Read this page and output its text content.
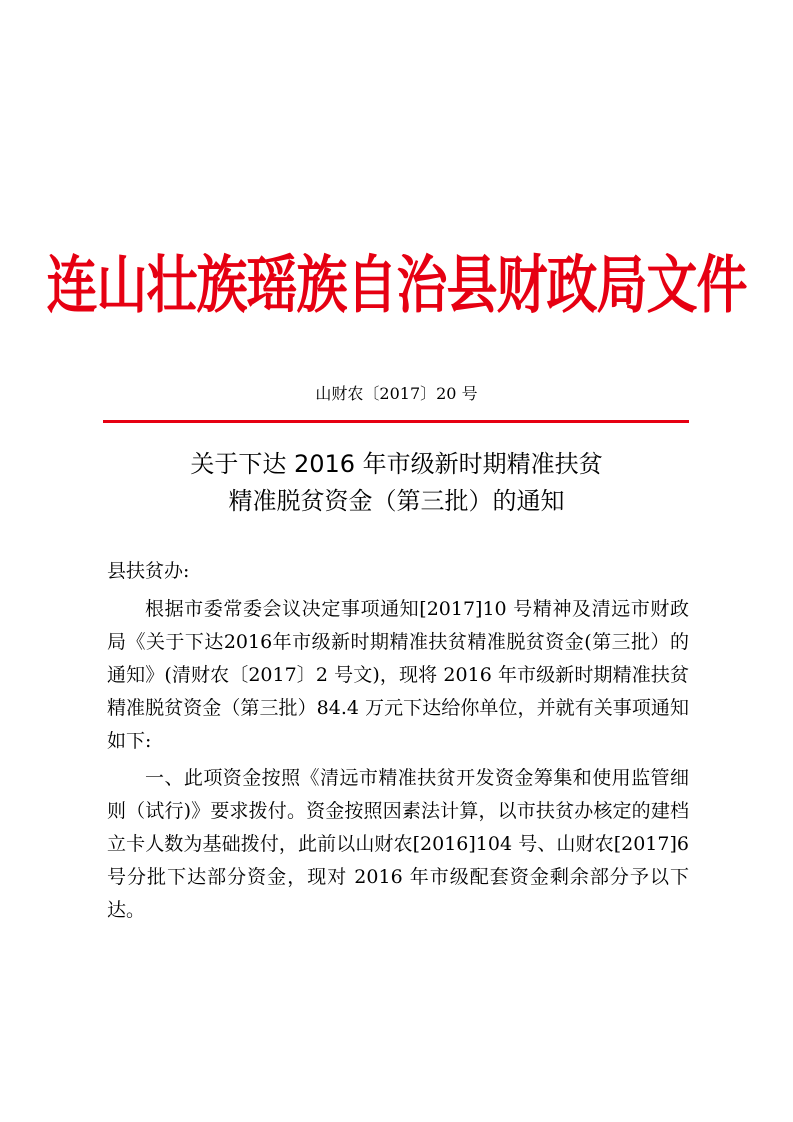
连山壮族瑶族自治县财政局文件
山财农〔2017〕20 号
关于下达 2016 年市级新时期精准扶贫
精准脱贫资金（第三批）的通知

县扶贫办:

根据市委常委会议决定事项通知[2017]10 号精神及清远市财政局《关于下达2016年市级新时期精准扶贫精准脱贫资金(第三批）的通知》(清财农〔2017〕2 号文)，现将 2016 年市级新时期精准扶贫精准脱贫资金（第三批）84.4 万元下达给你单位，并就有关事项通知如下:

一、此项资金按照《清远市精准扶贫开发资金筹集和使用监管细则（试行)》要求拨付。资金按照因素法计算，以市扶贫办核定的建档立卡人数为基础拨付，此前以山财农[2016]104 号、山财农[2017]6 号分批下达部分资金，现对 2016 年市级配套资金剩余部分予以下达。
